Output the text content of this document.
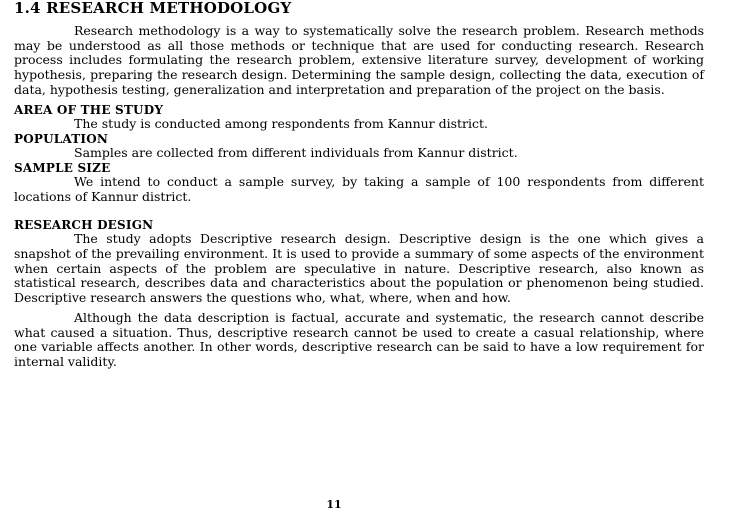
1.4 RESEARCH METHODOLOGY

Research methodology is a way to systematically solve the research problem. Research methods may be understood as all those methods or technique that are used for conducting research. Research process includes formulating the research problem, extensive literature survey, development of working hypothesis, preparing the research design. Determining the sample design, collecting the data, execution of data, hypothesis testing, generalization and interpretation and preparation of the project on the basis.

AREA OF THE STUDY

The study is conducted among respondents from Kannur district.

POPULATION

Samples are collected from different individuals from Kannur district.

SAMPLE SIZE

We intend to conduct a sample survey, by taking a sample of 100 respondents from different locations of Kannur district.

RESEARCH DESIGN

The study adopts Descriptive research design. Descriptive design is the one which gives a snapshot of the prevailing environment. It is used to provide a summary of some aspects of the environment when certain aspects of the problem are speculative in nature. Descriptive research, also known as statistical research, describes data and characteristics about the population or phenomenon being studied. Descriptive research answers the questions who, what, where, when and how.

Although the data description is factual, accurate and systematic, the research cannot describe what caused a situation. Thus, descriptive research cannot be used to create a casual relationship, where one variable affects another. In other words, descriptive research can be said to have a low requirement for internal validity.

11
